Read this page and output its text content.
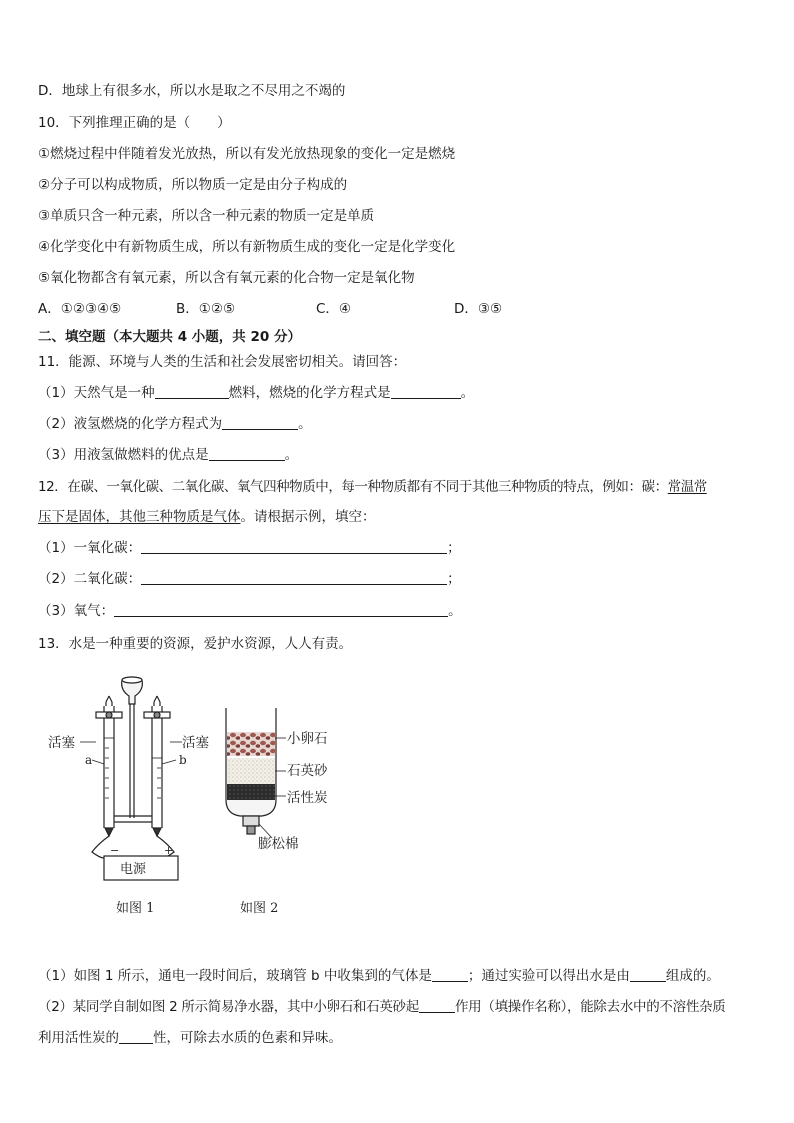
D．地球上有很多水，所以水是取之不尽用之不竭的
10．下列推理正确的是（　　）
①燃烧过程中伴随着发光放热，所以有发光放热现象的变化一定是燃烧
②分子可以构成物质，所以物质一定是由分子构成的
③单质只含一种元素，所以含一种元素的物质一定是单质
④化学变化中有新物质生成，所以有新物质生成的变化一定是化学变化
⑤氧化物都含有氧元素，所以含有氧元素的化合物一定是氧化物
A．①②③④⑤	B．①②⑤	C．④	D．③⑤
二、填空题（本大题共 4 小题，共 20 分）
11．能源、环境与人类的生活和社会发展密切相关。请回答：
（1）天然气是一种	燃料，燃烧的化学方程式是	。
（2）液氢燃烧的化学方程式为	。
（3）用液氢做燃料的优点是	。
12．在碳、一氧化碳、二氧化碳、氧气四种物质中，每一种物质都有不同于其他三种物质的特点，例如：碳：常温常
压下是固体，其他三种物质是气体。请根据示例，填空：
（1）一氧化碳：	；
（2）二氧化碳：	；
（3）氧气：	。
13．水是一种重要的资源，爱护水资源，人人有责。
活塞	活塞
a	b
−	+
电源
如图 1
小卵石
石英砂
活性炭
膨松棉
如图 2
（1）如图 1 所示，通电一段时间后，玻璃管 b 中收集到的气体是	；通过实验可以得出水是由	组成的。
（2）某同学自制如图 2 所示简易净水器，其中小卵石和石英砂起	作用（填操作名称），能除去水中的不溶性杂质
利用活性炭的	性，可除去水质的色素和异味。
